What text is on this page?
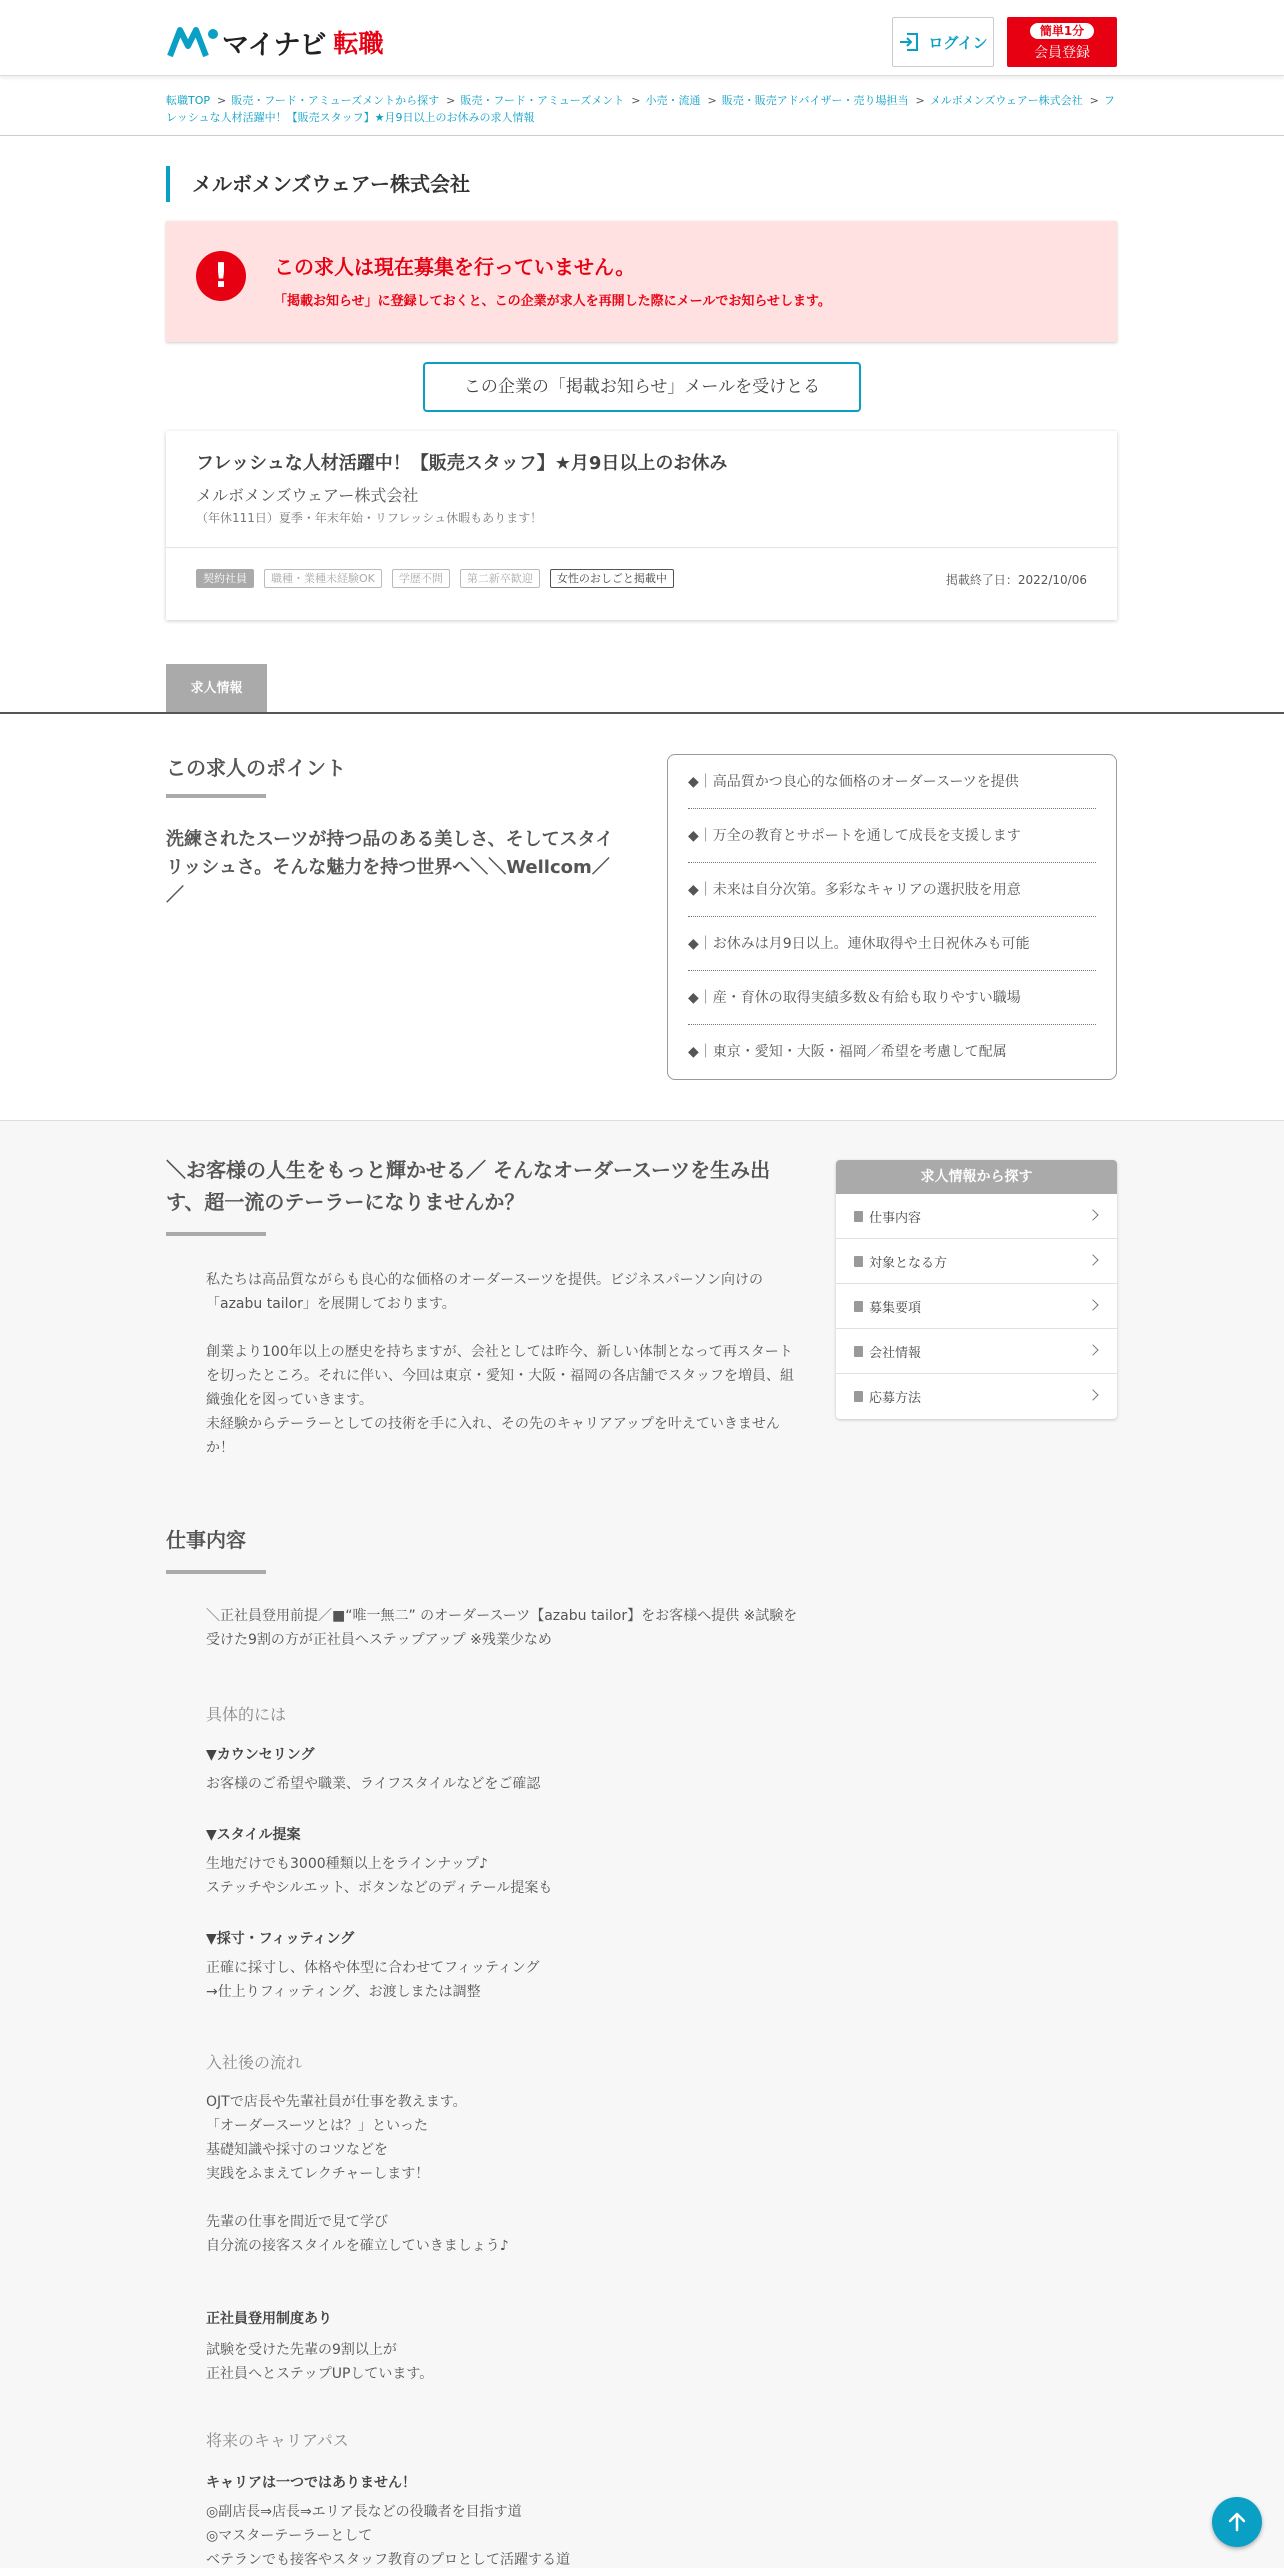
マイナビ 転職	ログイン
簡単1分
会員登録
転職TOP > 販売・フード・アミューズメントから探す > 販売・フード・アミューズメント > 小売・流通 > 販売・販売アドバイザー・売り場担当 > メルボメンズウェアー株式会社 > フレッシュな人材活躍中！【販売スタッフ】★月9日以上のお休みの求人情報
メルボメンズウェアー株式会社
!	この求人は現在募集を行っていません。
「掲載お知らせ」に登録しておくと、この企業が求人を再開した際にメールでお知らせします。
この企業の「掲載お知らせ」メールを受けとる
フレッシュな人材活躍中！【販売スタッフ】★月9日以上のお休み
メルボメンズウェアー株式会社
（年休111日）夏季・年末年始・リフレッシュ休暇もあります！
契約社員	職種・業種未経験OK	学歴不問	第二新卒歓迎	女性のおしごと掲載中	掲載終了日：2022/10/06
求人情報
この求人のポイント
洗練されたスーツが持つ品のある美しさ、そしてスタイリッシュさ。そんな魅力を持つ世界へ＼＼Wellcom／／
◆｜高品質かつ良心的な価格のオーダースーツを提供
◆｜万全の教育とサポートを通して成長を支援します
◆｜未来は自分次第。多彩なキャリアの選択肢を用意
◆｜お休みは月9日以上。連休取得や土日祝休みも可能
◆｜産・育休の取得実績多数＆有給も取りやすい職場
◆｜東京・愛知・大阪・福岡／希望を考慮して配属
＼お客様の人生をもっと輝かせる／ そんなオーダースーツを生み出す、超一流のテーラーになりませんか？
私たちは高品質ながらも良心的な価格のオーダースーツを提供。ビジネスパーソン向けの「azabu tailor」を展開しております。
創業より100年以上の歴史を持ちますが、会社としては昨今、新しい体制となって再スタートを切ったところ。それに伴い、今回は東京・愛知・大阪・福岡の各店舗でスタッフを増員、組織強化を図っていきます。
未経験からテーラーとしての技術を手に入れ、その先のキャリアアップを叶えていきませんか！
求人情報から探す
仕事内容
対象となる方
募集要項
会社情報
応募方法
仕事内容
＼正社員登用前提／■“唯一無二” のオーダースーツ【azabu tailor】をお客様へ提供 ※試験を受けた9割の方が正社員へステップアップ ※残業少なめ
具体的には
▼カウンセリング
お客様のご希望や職業、ライフスタイルなどをご確認
▼スタイル提案
生地だけでも3000種類以上をラインナップ♪
ステッチやシルエット、ボタンなどのディテール提案も
▼採寸・フィッティング
正確に採寸し、体格や体型に合わせてフィッティング
→仕上りフィッティング、お渡しまたは調整
入社後の流れ
OJTで店長や先輩社員が仕事を教えます。
「オーダースーツとは？」といった
基礎知識や採寸のコツなどを
実践をふまえてレクチャーします！
先輩の仕事を間近で見て学び
自分流の接客スタイルを確立していきましょう♪
正社員登用制度あり
試験を受けた先輩の9割以上が
正社員へとステップUPしています。
将来のキャリアパス
キャリアは一つではありません！
◎副店長⇒店長⇒エリア長などの役職者を目指す道
◎マスターテーラーとして
ベテランでも接客やスタッフ教育のプロとして活躍する道
